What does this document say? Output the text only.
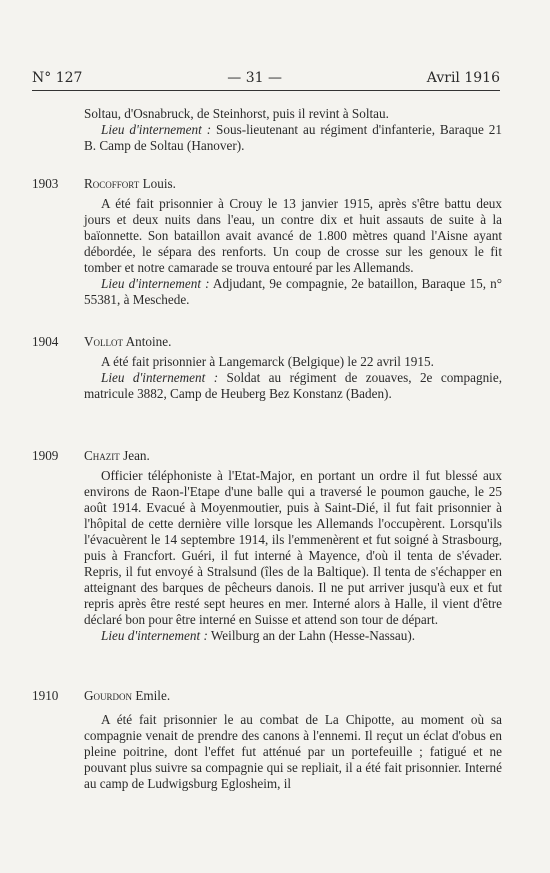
N° 127	— 31 —	Avril 1916

Soltau, d'Osnabruck, de Steinhorst, puis il revint à Soltau.

Lieu d'internement : Sous-lieutenant au régiment d'infanterie, Baraque 21 B. Camp de Soltau (Hanover).

1903 Rocoffort Louis.

A été fait prisonnier à Crouy le 13 janvier 1915, après s'être battu deux jours et deux nuits dans l'eau, un contre dix et huit assauts de suite à la baïonnette. Son bataillon avait avancé de 1.800 mètres quand l'Aisne ayant débordée, le sépara des renforts. Un coup de crosse sur les genoux le fit tomber et notre camarade se trouva entouré par les Allemands.

Lieu d'internement : Adjudant, 9e compagnie, 2e bataillon, Baraque 15, n° 55381, à Meschede.

1904 Vollot Antoine.

A été fait prisonnier à Langemarck (Belgique) le 22 avril 1915.

Lieu d'internement : Soldat au régiment de zouaves, 2e compagnie, matricule 3882, Camp de Heuberg Bez Konstanz (Baden).

1909 Chazit Jean.

Officier téléphoniste à l'Etat-Major, en portant un ordre il fut blessé aux environs de Raon-l'Etape d'une balle qui a traversé le poumon gauche, le 25 août 1914. Evacué à Moyenmoutier, puis à Saint-Dié, il fut fait prisonnier à l'hôpital de cette dernière ville lorsque les Allemands l'occupèrent. Lorsqu'ils l'évacuèrent le 14 septembre 1914, ils l'emmenèrent et fut soigné à Strasbourg, puis à Francfort. Guéri, il fut interné à Mayence, d'où il tenta de s'évader. Repris, il fut envoyé à Stralsund (îles de la Baltique). Il tenta de s'échapper en atteignant des barques de pêcheurs danois. Il ne put arriver jusqu'à eux et fut repris après être resté sept heures en mer. Interné alors à Halle, il vient d'être déclaré bon pour être interné en Suisse et attend son tour de départ.

Lieu d'internement : Weilburg an der Lahn (Hesse-Nassau).

1910 Gourdon Emile.

A été fait prisonnier le au combat de La Chipotte, au moment où sa compagnie venait de prendre des canons à l'ennemi. Il reçut un éclat d'obus en pleine poitrine, dont l'effet fut atténué par un portefeuille ; fatigué et ne pouvant plus suivre sa compagnie qui se repliait, il a été fait prisonnier. Interné au camp de Ludwigsburg Eglosheim, il
